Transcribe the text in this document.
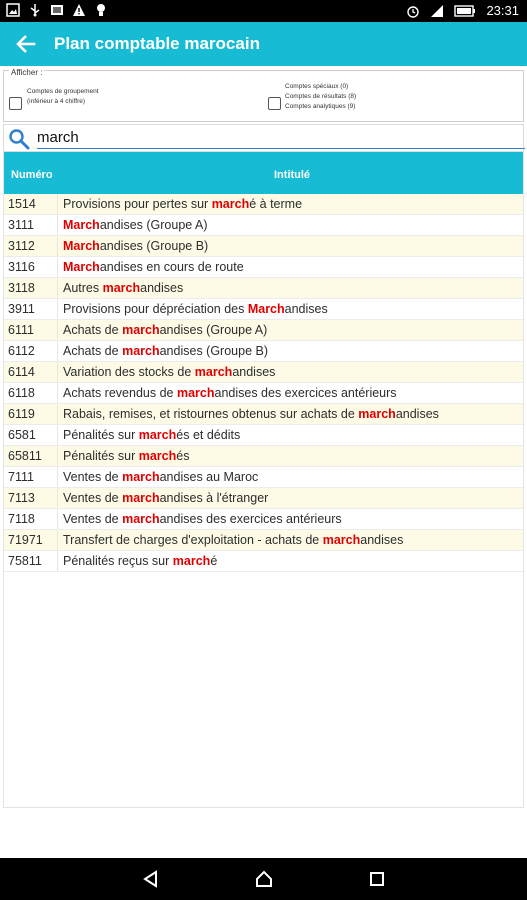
23:31
Plan comptable marocain
Afficher :
Comptes de groupement
(inférieur à 4 chiffre)
Comptes spéciaux (0)
Comptes de résultats (8)
Comptes analytiques (9)
march
Numéro	Intitulé
1514	Provisions pour pertes sur marché à terme
3111	Marchandises (Groupe A)
3112	Marchandises (Groupe B)
3116	Marchandises en cours de route
3118	Autres marchandises
3911	Provisions pour dépréciation des Marchandises
6111	Achats de marchandises (Groupe A)
6112	Achats de marchandises (Groupe B)
6114	Variation des stocks de marchandises
6118	Achats revendus de marchandises des exercices antérieurs
6119	Rabais, remises, et ristournes obtenus sur achats de marchandises
6581	Pénalités sur marchés et dédits
65811	Pénalités sur marchés
7111	Ventes de marchandises au Maroc
7113	Ventes de marchandises à l'étranger
7118	Ventes de marchandises des exercices antérieurs
71971	Transfert de charges d'exploitation - achats de marchandises
75811	Pénalités reçus sur marché
